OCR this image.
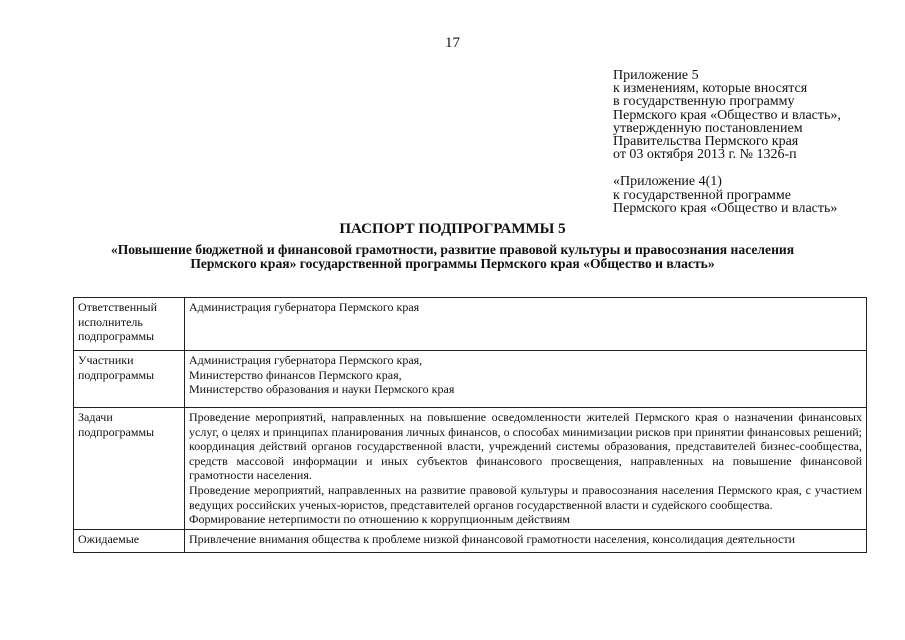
17
Приложение 5
к изменениям, которые вносятся
в государственную программу
Пермского края «Общество и власть»,
утвержденную постановлением
Правительства Пермского края
от 03 октября 2013 г. № 1326-п
«Приложение 4(1)
к государственной программе
Пермского края «Общество и власть»
ПАСПОРТ ПОДПРОГРАММЫ 5
«Повышение бюджетной и финансовой грамотности, развитие правовой культуры и правосознания населения
Пермского края» государственной программы Пермского края «Общество и власть»
Ответственный исполнитель подпрограммы	Администрация губернатора Пермского края

Участники подпрограммы	Администрация губернатора Пермского края,
Министерство финансов Пермского края,
Министерство образования и науки Пермского края

Задачи подпрограммы	Проведение мероприятий, направленных на повышение осведомленности жителей Пермского края о назначении финансовых услуг, о целях и принципах планирования личных финансов, о способах минимизации рисков при принятии финансовых решений; координация действий органов государственной власти, учреждений системы образования, представителей бизнес-сообщества, средств массовой информации и иных субъектов финансового просвещения, направленных на повышение финансовой грамотности населения.
Проведение мероприятий, направленных на развитие правовой культуры и правосознания населения Пермского края, с участием ведущих российских ученых-юристов, представителей органов государственной власти и судейского сообщества.
Формирование нетерпимости по отношению к коррупционным действиям

Ожидаемые	Привлечение внимания общества к проблеме низкой финансовой грамотности населения, консолидация деятельности
